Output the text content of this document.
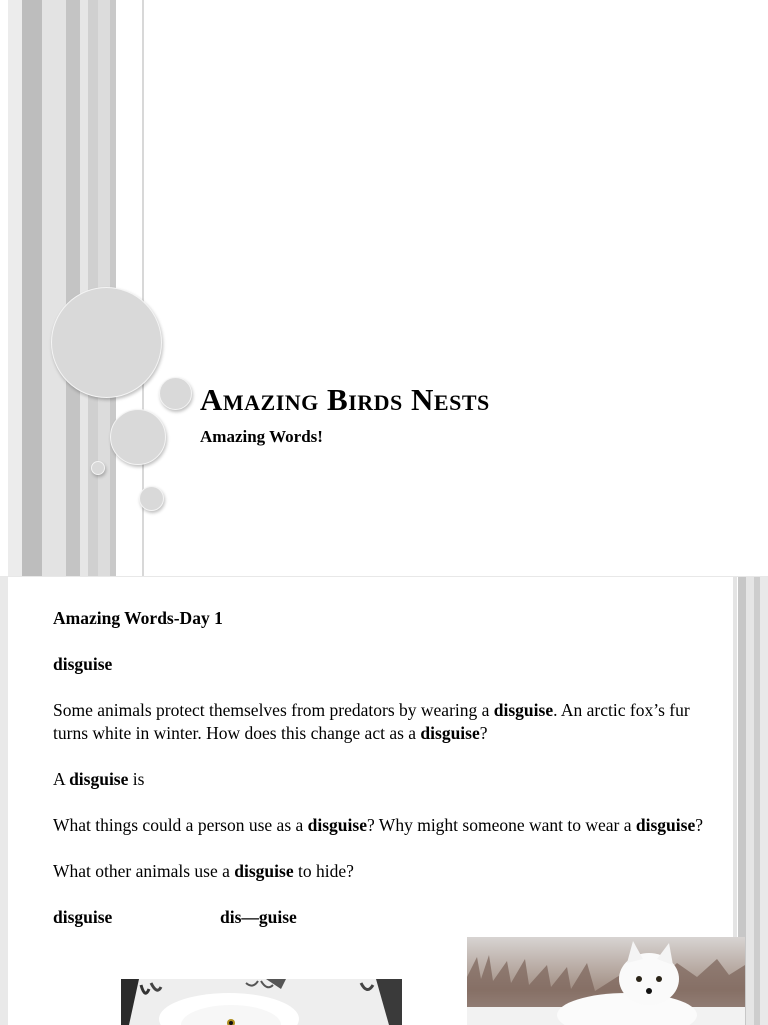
Amazing Birds Nests

Amazing Words!

Amazing Words-Day 1

disguise

Some animals protect themselves from predators by wearing a disguise. An arctic fox’s fur turns white in winter. How does this change act as a disguise?

A disguise is

What things could a person use as a disguise? Why might someone want to wear a disguise?

What other animals use a disguise to hide?

disguise	dis—guise
